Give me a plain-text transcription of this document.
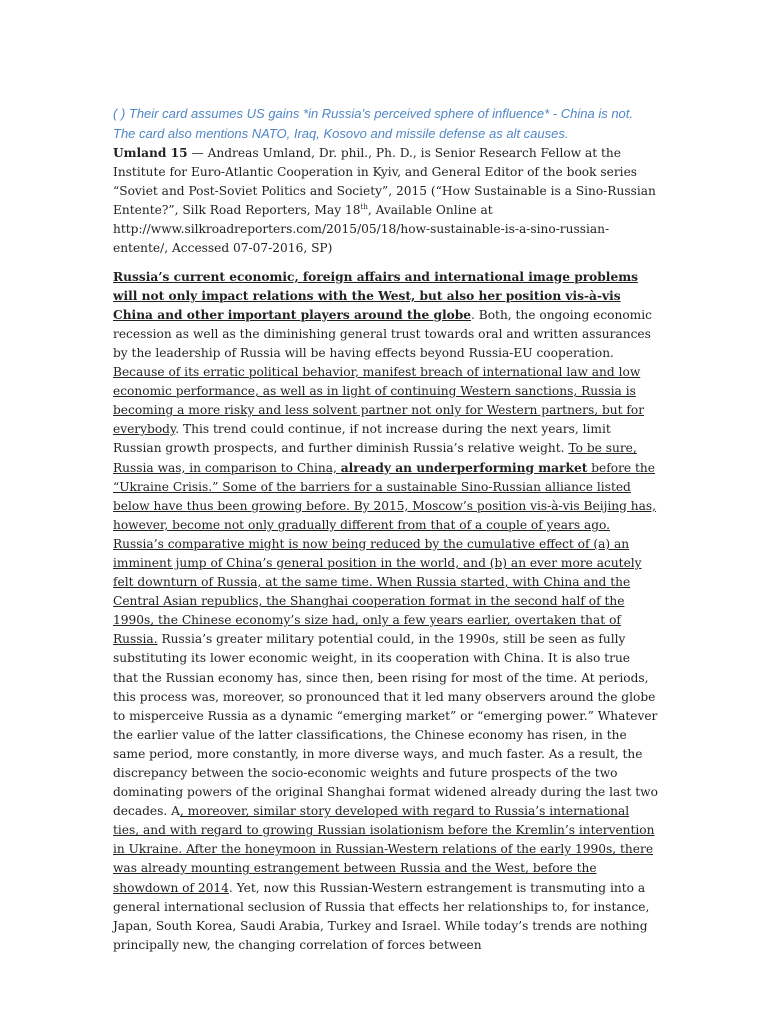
( ) Their card assumes US gains *in Russia’s perceived sphere of influence* - China is not. The card also mentions NATO, Iraq, Kosovo and missile defense as alt causes.

Umland 15 — Andreas Umland, Dr. phil., Ph. D., is Senior Research Fellow at the Institute for Euro-Atlantic Cooperation in Kyiv, and General Editor of the book series “Soviet and Post-Soviet Politics and Society”, 2015 (“How Sustainable is a Sino-Russian Entente?”, Silk Road Reporters, May 18th, Available Online at http://www.silkroadreporters.com/2015/05/18/how-sustainable-is-a-sino-russian-entente/, Accessed 07-07-2016, SP)

Russia’s current economic, foreign affairs and international image problems will not only impact relations with the West, but also her position vis-à-vis China and other important players around the globe. Both, the ongoing economic recession as well as the diminishing general trust towards oral and written assurances by the leadership of Russia will be having effects beyond Russia-EU cooperation. Because of its erratic political behavior, manifest breach of international law and low economic performance, as well as in light of continuing Western sanctions, Russia is becoming a more risky and less solvent partner not only for Western partners, but for everybody. This trend could continue, if not increase during the next years, limit Russian growth prospects, and further diminish Russia’s relative weight. To be sure, Russia was, in comparison to China, already an underperforming market before the “Ukraine Crisis.” Some of the barriers for a sustainable Sino-Russian alliance listed below have thus been growing before. By 2015, Moscow’s position vis-à-vis Beijing has, however, become not only gradually different from that of a couple of years ago. Russia’s comparative might is now being reduced by the cumulative effect of (a) an imminent jump of China’s general position in the world, and (b) an ever more acutely felt downturn of Russia, at the same time. When Russia started, with China and the Central Asian republics, the Shanghai cooperation format in the second half of the 1990s, the Chinese economy’s size had, only a few years earlier, overtaken that of Russia. Russia’s greater military potential could, in the 1990s, still be seen as fully substituting its lower economic weight, in its cooperation with China. It is also true that the Russian economy has, since then, been rising for most of the time. At periods, this process was, moreover, so pronounced that it led many observers around the globe to misperceive Russia as a dynamic “emerging market” or “emerging power.” Whatever the earlier value of the latter classifications, the Chinese economy has risen, in the same period, more constantly, in more diverse ways, and much faster. As a result, the discrepancy between the socio-economic weights and future prospects of the two dominating powers of the original Shanghai format widened already during the last two decades. A, moreover, similar story developed with regard to Russia’s international ties, and with regard to growing Russian isolationism before the Kremlin’s intervention in Ukraine. After the honeymoon in Russian-Western relations of the early 1990s, there was already mounting estrangement between Russia and the West, before the showdown of 2014. Yet, now this Russian-Western estrangement is transmuting into a general international seclusion of Russia that effects her relationships to, for instance, Japan, South Korea, Saudi Arabia, Turkey and Israel. While today’s trends are nothing principally new, the changing correlation of forces between
